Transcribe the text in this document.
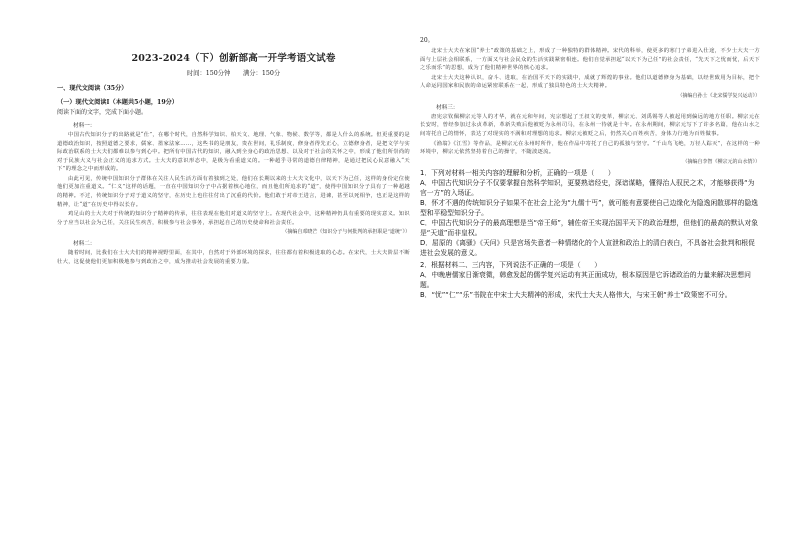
2023-2024（下）创新部高一开学考语文试卷
时间：150分钟　　满分：150分
一、现代文阅读（35分）
（一）现代文阅读Ⅰ（本题共5小题，19分）
阅读下面的文字，完成下面小题。
材料一：

中国古代知识分子的出路就是“仕”，在哪个时代，自然科学知识、柏天文、地理、气象、物候、数学等，都是人什么的系统。但更重要的是道德政治知识，按照道德之要求，儒家、墨家法家……，这些书的是朋友，贵在世间，礼乐制度，修身者得先正心，立德修身者，是把文学与实际政治联系的士大夫们都难以参与到心中。把所有中国古代的知识，融入到全身心的政治思想、以及对于社会的关怀之中，形成了他们所崇尚的对于民族大义与社会正义的追求方式。士大夫的意识形态中，是极为看重道义的。一种超乎寻常的道德自律精神，是通过把民心民意融入“天下”的理念之中而形成的。

由此可见，传统中国知识分子群体在关注人民生活方面有着独到之处，他们在长期以来的士大夫文化中，以天下为己任，这样的身份定位使他们更加注重道义。“仁义”这样的话题，一直在中国知识分子中占据着核心地位，而且他们所追求的“道”，使得中国知识分子具有了一种超越的精神。不过，传统知识分子对于道义的坚守，在历史上也往往付出了沉重的代价。他们敢于对帝王进言，进谏，甚至以死相争，也正是这样的精神，让“道”在历史中得以长存。

鸡足山的士大夫对于传统的知识分子精神的传承，往往表现在他们对道义的坚守上。在现代社会中，这种精神仍具有重要的现实意义。知识分子应当以社会为己任，关注民生疾苦，积极参与社会事务，承担起自己的历史使命和社会责任。

（摘编自邓晓芒《知识分子与何批判的承担职是“道统”》）
材料二：

随着时间，比我们在士大夫们的精神视野里面，在其中，自然对于外部环境的探求，往往都有着积极进取的心态。在宋代，士大夫阶层不断壮大，这促使他们更加积极地参与到政治之中，成为推动社会发展的重要力量。

20。

北宋士大夫在家国“养士”政策的基础之上，形成了一种独特的群体精神。宋代的科举，使更多的寒门子弟进入仕途，不少士大夫一方面与上层社会相联系，一方面又与社会民众的生活实践紧密相连。他们自觉承担起“以天下为己任”的社会责任，“先天下之忧而忧，后天下之乐而乐”的思想，成为了他们精神世界的核心追求。

北宋士大夫这种认识，奋斗、进取，在治国平天下的实践中，成就了辉煌的事业。他们以道德修身为基础，以经世致用为目标，把个人命运同国家和民族的命运紧密联系在一起，形成了独具特色的士大夫精神。

（摘编自孙士《北宋儒学复兴运动》）
材料三：

唐宪宗钦佩柳宗元等人的才华，就在元和年间，宪宗想起了王叔文的变革，柳宗元、刘禹锡等人被起用到偏远的地方任职。柳宗元在长安时，曾经参加过永贞革新，革新失败后他被贬为永州司马，在永州一待就是十年。在永州期间，柳宗元写下了许多名篇，他在山水之间寄托自己的情怀，表达了对现实的不满和对理想的追求。柳宗元被贬之后，仍然关心百姓疾苦，身体力行地为百姓做事。

《渔翁》《江雪》等作品，是柳宗元在永州时所作，他在作品中寄托了自己的孤独与坚守。“千山鸟飞绝，万径人踪灭”，在这样的一种环境中，柳宗元依然坚持着自己的操守，不随波逐流。

（摘编自李智《柳宗元的山水情》）
1．下列对材料一相关内容的理解和分析，正确的一项是（　　）
A．中国古代知识分子不仅要掌握自然科学知识，更要熟谙经史，深谙谋略，懂得治人驭民之术，才能够获得“为官一方”的入场证。
B．怀才不遇的传统知识分子如果不在社会上沦为“九儒十丐”，就可能有意要使自己边缘化为隐逸闲散那样的隐逸型和平稳型知识分子。
C．中国古代知识分子的最高理想是当“帝王师”，辅佐帝王实现治国平天下的政治理想，但他们的最高的默认对象是“天道”而非皇权。
D．屈原的《离骚》《天问》只是宫场失意者一种情绪化的个人宣泄和政治上的清白表白，不具备社会批判和根促进社会发展的意义。
2．根据材料二、三内容，下列说法不正确的一项是（　　）
A．中晚唐儒家日渐衰微，韩愈发起的儒学复兴运动有其正面成功，根本原因是它诉诸政治的力量来解决思想问题。
B．“忧”“仁”“乐”书院在中宋士大夫精神的形成，宋代士大夫人格伟大，与宋王朝“养士”政策密不可分。
